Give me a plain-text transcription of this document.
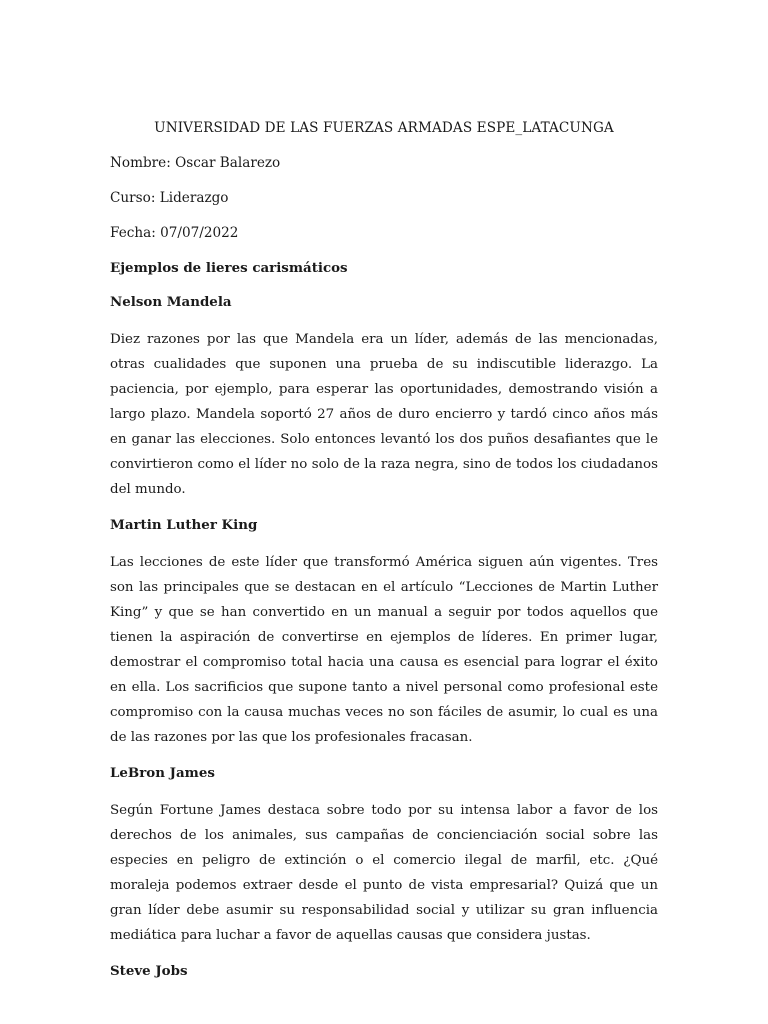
UNIVERSIDAD DE LAS FUERZAS ARMADAS ESPE_LATACUNGA

Nombre: Oscar Balarezo

Curso: Liderazgo

Fecha: 07/07/2022

Ejemplos de lieres carismáticos

Nelson Mandela

Diez razones por las que Mandela era un líder, además de las mencionadas, otras cualidades que suponen una prueba de su indiscutible liderazgo. La paciencia, por ejemplo, para esperar las oportunidades, demostrando visión a largo plazo. Mandela soportó 27 años de duro encierro y tardó cinco años más en ganar las elecciones. Solo entonces levantó los dos puños desafiantes que le convirtieron como el líder no solo de la raza negra, sino de todos los ciudadanos del mundo.

Martin Luther King

Las lecciones de este líder que transformó América siguen aún vigentes. Tres son las principales que se destacan en el artículo “Lecciones de Martin Luther King” y que se han convertido en un manual a seguir por todos aquellos que tienen la aspiración de convertirse en ejemplos de líderes. En primer lugar, demostrar el compromiso total hacia una causa es esencial para lograr el éxito en ella. Los sacrificios que supone tanto a nivel personal como profesional este compromiso con la causa muchas veces no son fáciles de asumir, lo cual es una de las razones por las que los profesionales fracasan.

LeBron James

Según Fortune James destaca sobre todo por su intensa labor a favor de los derechos de los animales, sus campañas de concienciación social sobre las especies en peligro de extinción o el comercio ilegal de marfil, etc. ¿Qué moraleja podemos extraer desde el punto de vista empresarial? Quizá que un gran líder debe asumir su responsabilidad social y utilizar su gran influencia mediática para luchar a favor de aquellas causas que considera justas.

Steve Jobs
